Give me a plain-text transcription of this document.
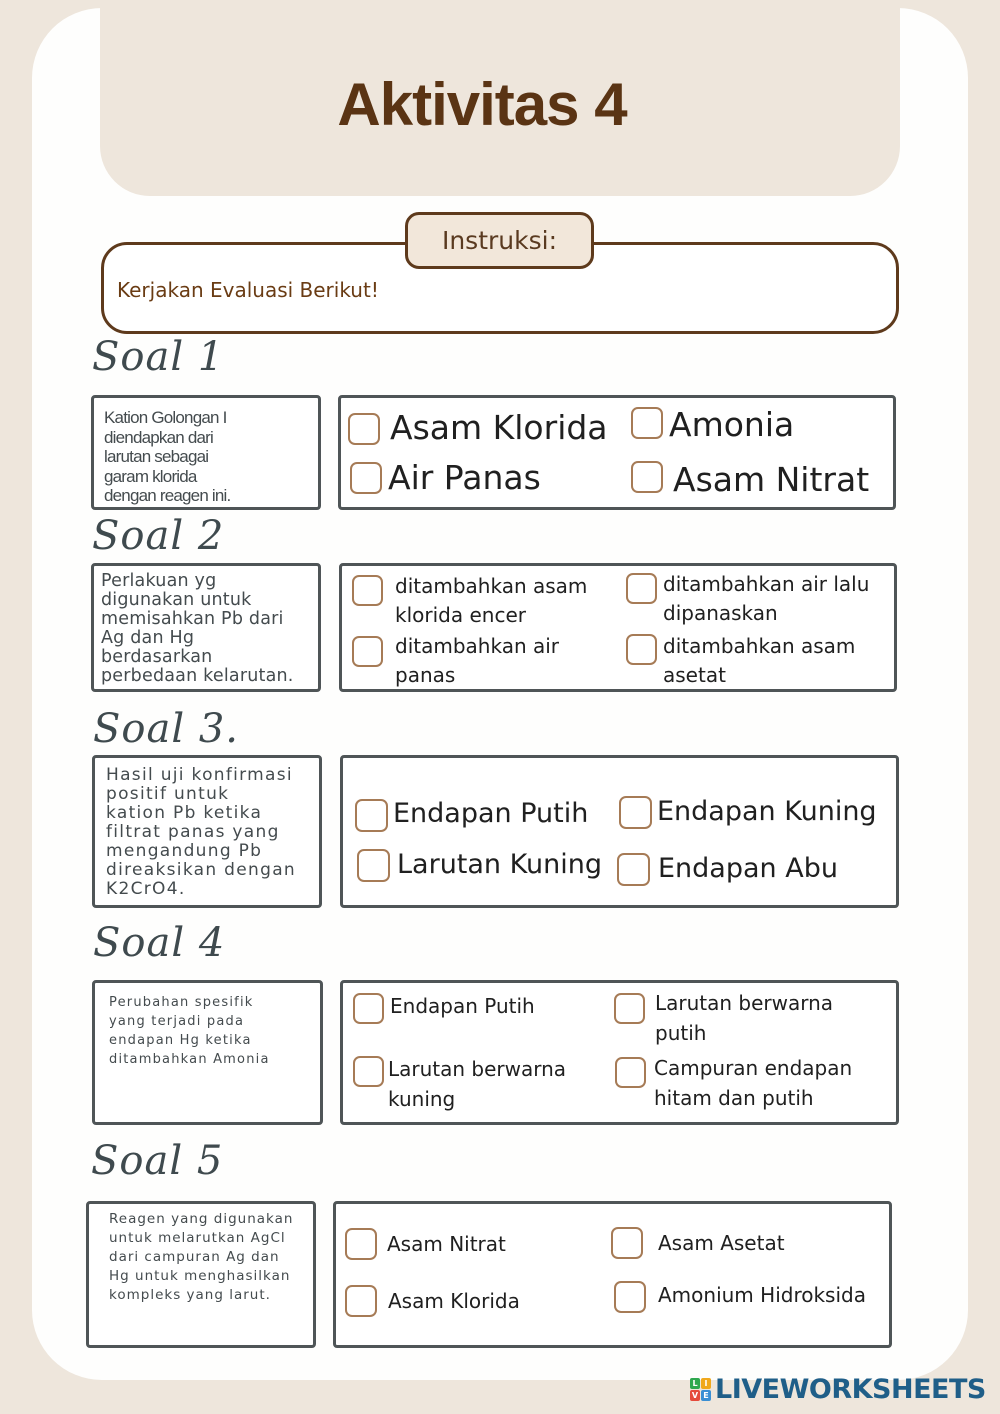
Aktivitas 4
Instruksi:
Kerjakan Evaluasi Berikut!
Soal 1
Kation Golongan I
diendapkan dari
larutan sebagai
garam klorida
dengan reagen ini.
Asam Klorida Amonia
Air Panas	Asam Nitrat
Soal 2
Perlakuan yg
digunakan untuk
memisahkan Pb dari
Ag dan Hg
berdasarkan
perbedaan kelarutan.
ditambahkan asam
klorida encer
ditambahkan air lalu
dipanaskan
ditambahkan air
panas
ditambahkan asam
asetat
Soal 3.
Hasil uji konfirmasi
positif untuk
kation Pb ketika
filtrat panas yang
mengandung Pb
direaksikan dengan
K2CrO4.
Endapan Putih	Endapan Kuning
Larutan Kuning Endapan Abu
Soal 4
Perubahan spesifik
yang terjadi pada
endapan Hg ketika
ditambahkan Amonia
Endapan Putih	Larutan berwarna
putih
Larutan berwarna
kuning
Campuran endapan
hitam dan putih
Soal 5
Reagen yang digunakan
untuk melarutkan AgCl
dari campuran Ag dan
Hg untuk menghasilkan
kompleks yang larut.
Asam Nitrat	Asam Asetat
Asam Klorida	Amonium Hidroksida
L I
V E LIVEWORKSHEETS
